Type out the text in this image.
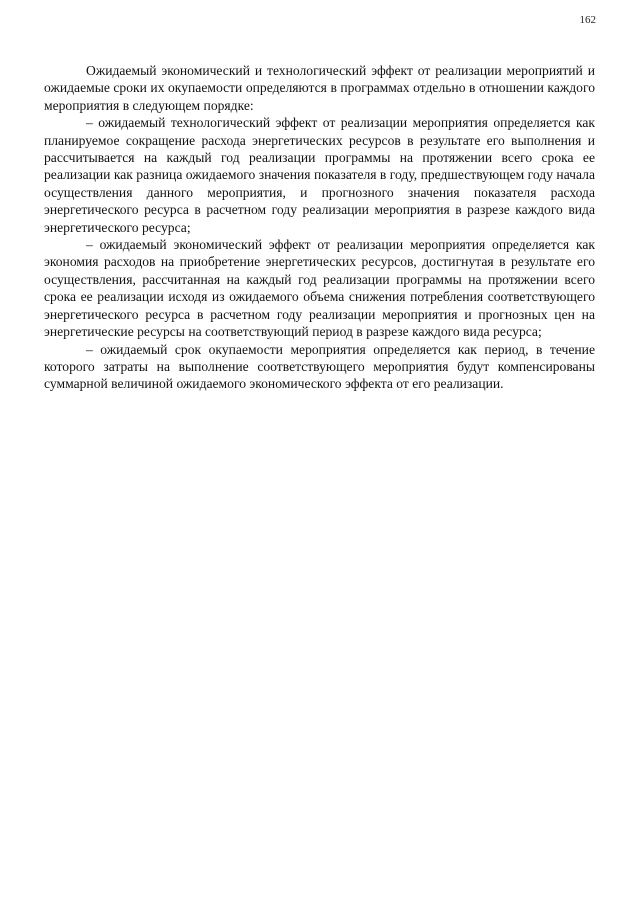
162

Ожидаемый экономический и технологический эффект от реализации мероприятий и ожидаемые сроки их окупаемости определяются в программах отдельно в отношении каждого мероприятия в следующем порядке:

– ожидаемый технологический эффект от реализации мероприятия определяется как планируемое сокращение расхода энергетических ресурсов в результате его выполнения и рассчитывается на каждый год реализации программы на протяжении всего срока ее реализации как разница ожидаемого значения показателя в году, предшествующем году начала осуществления данного мероприятия, и прогнозного значения показателя расхода энергетического ресурса в расчетном году реализации мероприятия в разрезе каждого вида энергетического ресурса;

– ожидаемый экономический эффект от реализации мероприятия определяется как экономия расходов на приобретение энергетических ресурсов, достигнутая в результате его осуществления, рассчитанная на каждый год реализации программы на протяжении всего срока ее реализации исходя из ожидаемого объема снижения потребления соответствующего энергетического ресурса в расчетном году реализации мероприятия и прогнозных цен на энергетические ресурсы на соответствующий период в разрезе каждого вида ресурса;

– ожидаемый срок окупаемости мероприятия определяется как период, в течение которого затраты на выполнение соответствующего мероприятия будут компенсированы суммарной величиной ожидаемого экономического эффекта от его реализации.
